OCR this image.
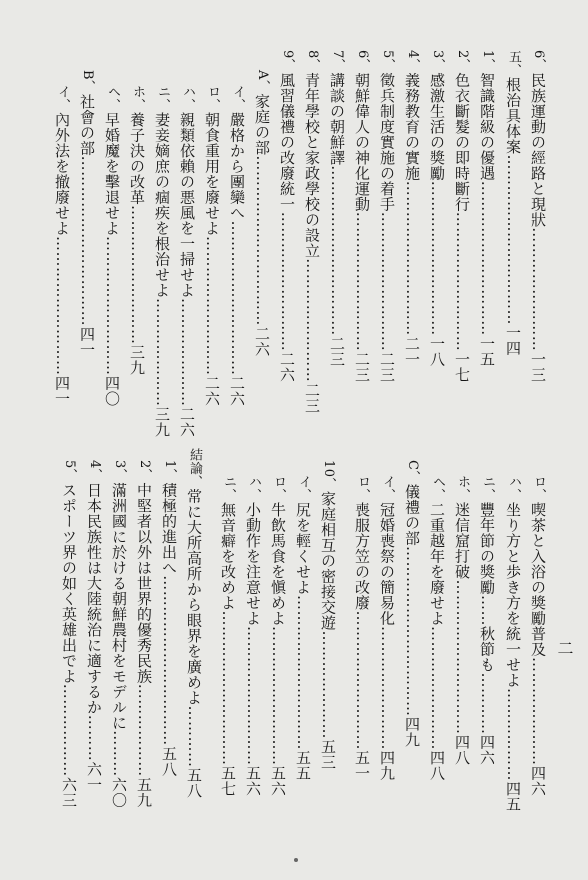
6、民族運動の經路と現狀……………………一三
五、根治具体案……………………………一四
1、智識階級の優遇…………………………一五
2、色衣斷髮の即時斷行………………………一七
3、感激生活の獎勵…………………………一八
4、義務教育の實施…………………………二一
5、徵兵制度實施の着手………………………二三
6、朝鮮偉人の神化運動………………………二三
7、講談の朝鮮譯……………………………二三
8、青年學校と家政學校の設立……………………二三
9、風習儀禮の改廢統一………………………二六
A、家庭の部……………………………二六
イ、嚴格から團欒へ…………………………二六
ロ、朝食重用を廢せよ………………………二六
ハ、親類依賴の悪風を一掃せよ…………………二六
ニ、妻妾嫡庶の痼疾を根治せよ…………………三九
ホ、養子決の改革………………………三九
ヘ、早婚魔を擊退せよ………………………四〇
B、社會の部……………………………四一
イ、內外法を撤廢せよ………………………四一
ロ、喫茶と入浴の獎勵普及…………………四六
ハ、坐り方と歩き方を統一せよ………………四五
ニ、豐年節の獎勵……秋節も…………四六
ホ、迷信窟打破…………………………四八
ヘ、二重越年を廢せよ……………………四八
C、儀禮の部……………………………四九
イ、冠婚喪祭の簡易化……………………四九
ロ、喪服方笠の改廢………………………五一
10、家庭相互の密接交遊…………………五三
イ、尻を輕くせよ…………………………五五
ロ、牛飲馬食を愼めよ………………………五六
ハ、小動作を注意せよ………………………五六
ニ、無音癖を改めよ…………………………五七
結論、常に大所高所から眼界を廣めよ…………五八
1、積極的進出へ……………………………五八
2、中堅者以外は世界的優秀民族………………五九
3、滿洲國に於ける朝鮮農村をモデルに………六〇
4、日本民族性は大陸統治に適するか………六一
5、スポーツ界の如く英雄出でよ………………六三
二
